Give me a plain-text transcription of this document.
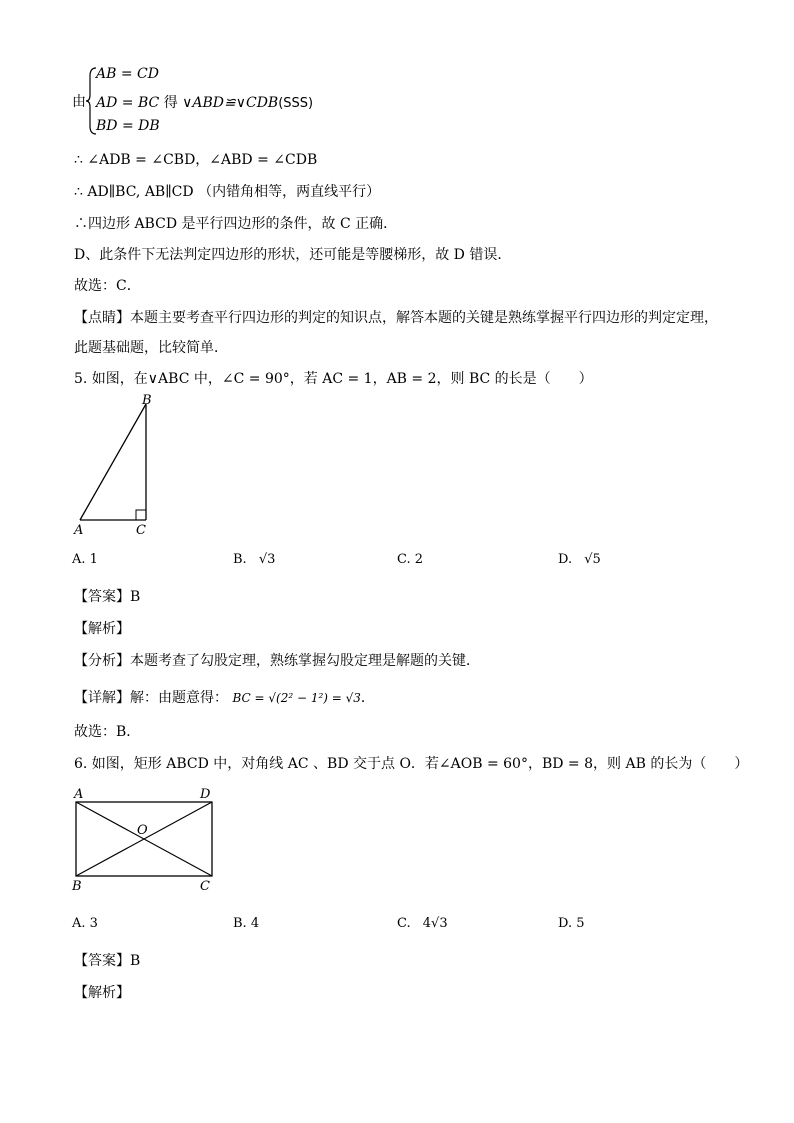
由
AB = CD
AD = BC 得 ∨ABD≌∨CDB(SSS)
BD = DB
∴ ∠ADB = ∠CBD，∠ABD = ∠CDB
∴ AD∥BC, AB∥CD （内错角相等，两直线平行）
∴四边形 ABCD 是平行四边形的条件，故 C 正确．
D、此条件下无法判定四边形的形状，还可能是等腰梯形，故 D 错误．
故选：C．
【点睛】本题主要考查平行四边形的判定的知识点，解答本题的关键是熟练掌握平行四边形的判定定理，
此题基础题，比较简单．
5. 如图，在∨ABC 中，∠C = 90°，若 AC = 1，AB = 2，则 BC 的长是（　　）
B
A	C
A. 1	B. √3	C. 2	D. √5
【答案】B
【解析】
【分析】本题考查了勾股定理，熟练掌握勾股定理是解题的关键．
【详解】解：由题意得： BC = √(2² − 1²) = √3．
故选：B．
6. 如图，矩形 ABCD 中，对角线 AC 、BD 交于点 O．若∠AOB = 60°，BD = 8，则 AB 的长为（　　）
A	D
B	C
O
A. 3	B. 4	C. 4√3	D. 5
【答案】B
【解析】
